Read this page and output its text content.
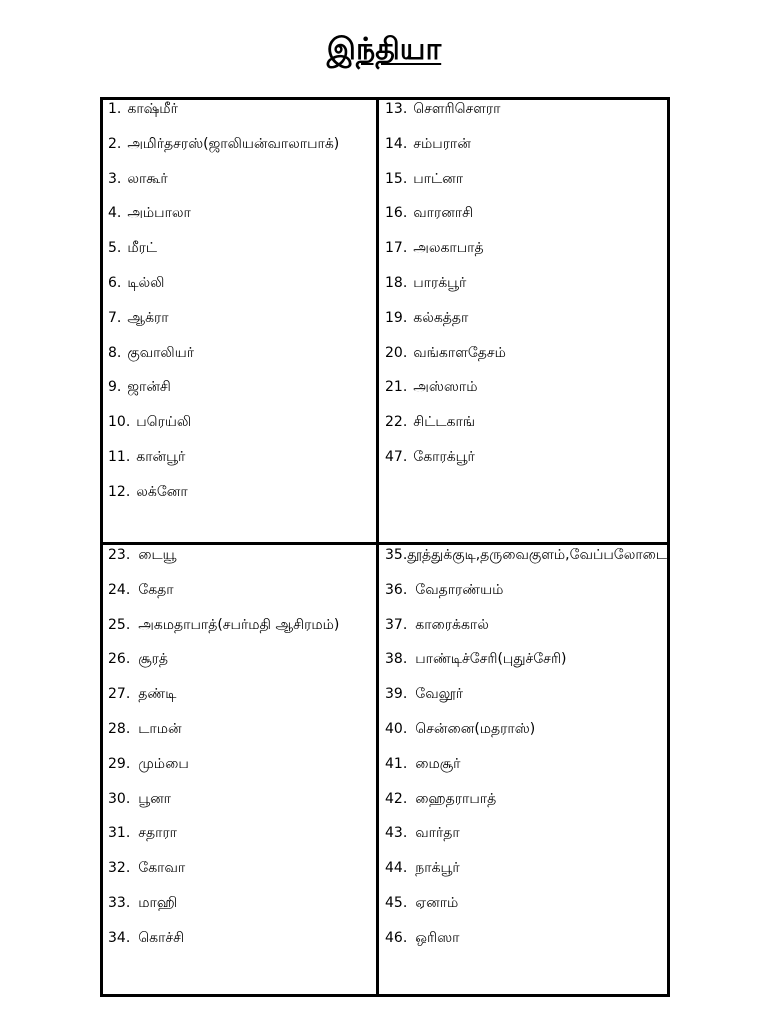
இந்தியா
1. காஷ்மீர்
2. அமிர்தசரஸ்(ஜாலியன்வாலாபாக்)
3. லாகூர்
4. அம்பாலா
5. மீரட்
6. டில்லி
7. ஆக்ரா
8. குவாலியர்
9. ஜான்சி
10. பரெய்லி
11. கான்பூர்
12. லக்னோ
13. சௌரிசௌரா
14. சம்பரான்
15. பாட்னா
16. வாரனாசி
17. அலகாபாத்
18. பாரக்பூர்
19. கல்கத்தா
20. வங்காளதேசம்
21. அஸ்ஸாம்
22. சிட்டகாங்
47. கோரக்பூர்
23. டையூ
24. கேதா
25. அகமதாபாத்(சபர்மதி ஆசிரமம்)
26. சூரத்
27. தண்டி
28. டாமன்
29. மும்பை
30. பூனா
31. சதாரா
32. கோவா
33. மாஹி
34. கொச்சி
35.தூத்துக்குடி,தருவைகுளம்,வேப்பலோடை
36. வேதாரண்யம்
37. காரைக்கால்
38. பாண்டிச்சேரி(புதுச்சேரி)
39. வேலூர்
40. சென்னை(மதராஸ்)
41. மைசூர்
42. ஹைதராபாத்
43. வார்தா
44. நாக்பூர்
45. ஏனாம்
46. ஒரிஸா
